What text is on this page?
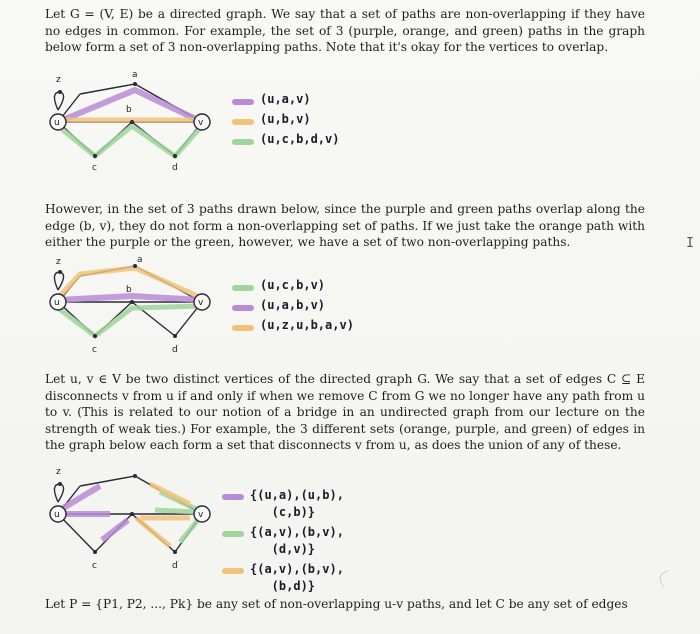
Let G = (V, E) be a directed graph. We say that a set of paths are non-overlapping if they have no edges in common. For example, the set of 3 (purple, orange, and green) paths in the graph below form a set of 3 non-overlapping paths. Note that it's okay for the vertices to overlap.

u	v
a
b
c	d
z
(u,a,v)
(u,b,v)
(u,c,b,d,v)

However, in the set of 3 paths drawn below, since the purple and green paths overlap along the edge (b, v), they do not form a non-overlapping set of paths. If we just take the orange path with either the purple or the green, however, we have a set of two non-overlapping paths.

u	v
a
b
c	d
z
(u,c,b,v)
(u,a,b,v)
(u,z,u,b,a,v)

Let u, v ∈ V be two distinct vertices of the directed graph G. We say that a set of edges C ⊆ E disconnects v from u if and only if when we remove C from G we no longer have any path from u to v. (This is related to our notion of a bridge in an undirected graph from our lecture on the strength of weak ties.) For example, the 3 different sets (orange, purple, and green) of edges in the graph below each form a set that disconnects v from u, as does the union of any of these.

u	v
c	d
z
{(u,a),(u,b),
(c,b)}
{(a,v),(b,v),
(d,v)}
{(a,v),(b,v),
(b,d)}

Let P = {P1, P2, ..., Pk} be any set of non-overlapping u-v paths, and let C be any set of edges

I
